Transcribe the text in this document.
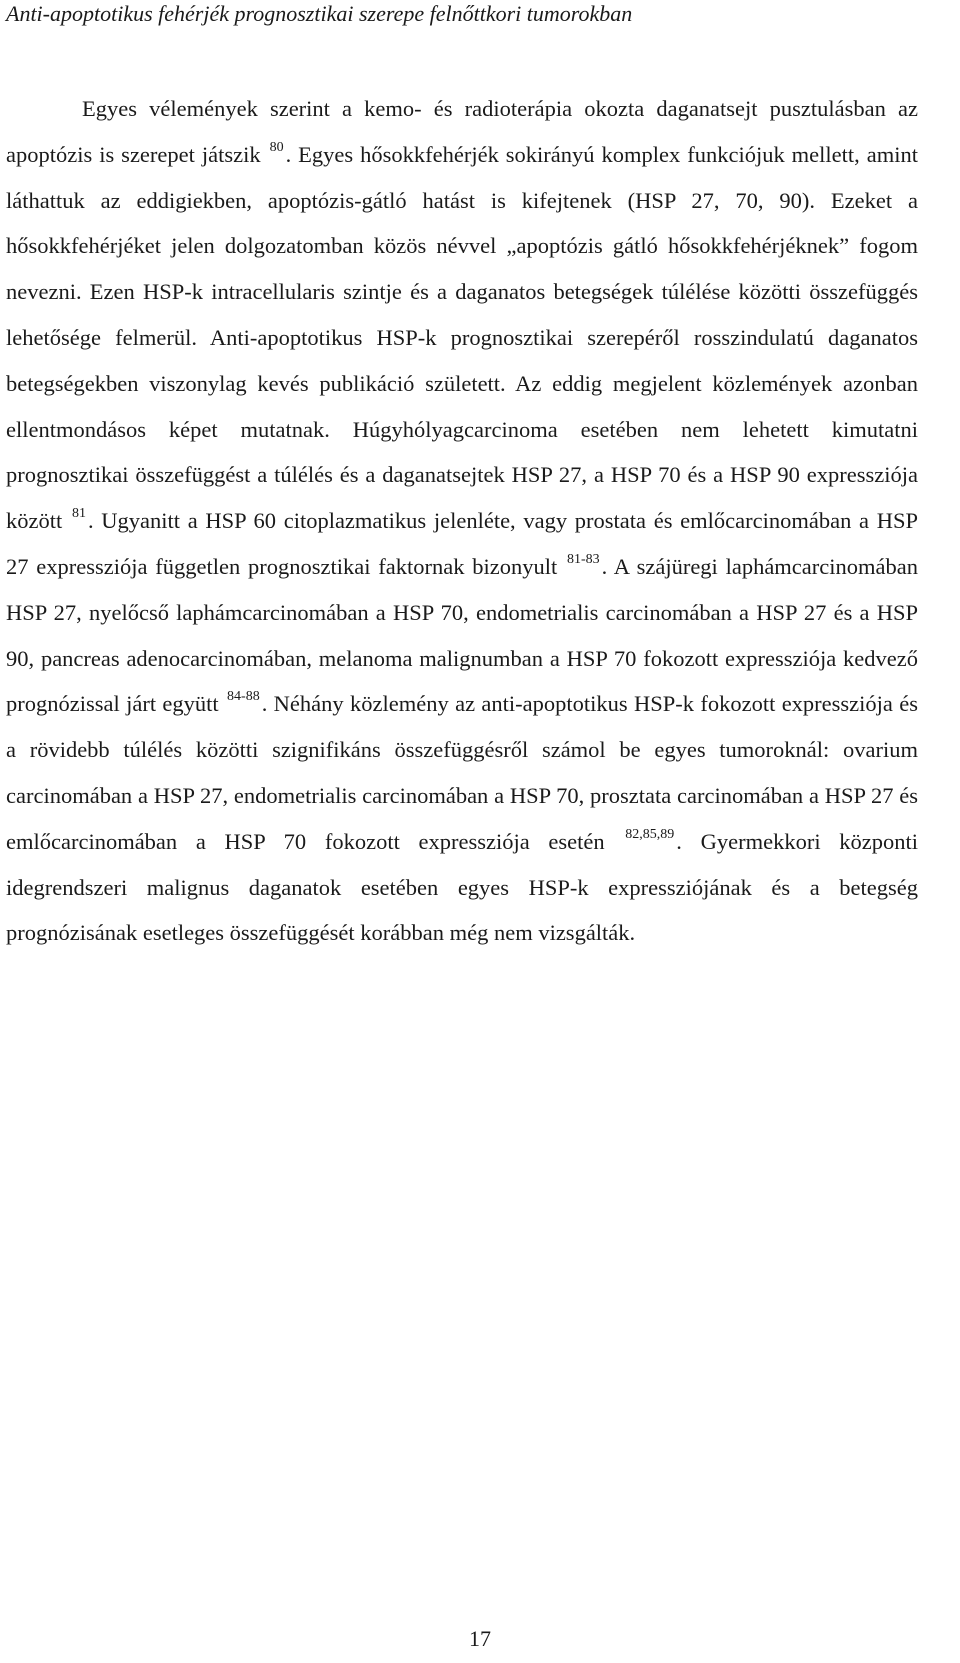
Anti-apoptotikus fehérjék prognosztikai szerepe felnőttkori tumorokban

Egyes vélemények szerint a kemo- és radioterápia okozta daganatsejt pusztulásban az apoptózis is szerepet játszik $^{80}$. Egyes hősokkfehérjék sokirányú komplex funkciójuk mellett, amint láthattuk az eddigiekben, apoptózis-gátló hatást is kifejtenek (HSP 27, 70, 90). Ezeket a hősokkfehérjéket jelen dolgozatomban közös névvel „apoptózis gátló hősokkfehérjéknek” fogom nevezni. Ezen HSP-k intracellularis szintje és a daganatos betegségek túlélése közötti összefüggés lehetősége felmerül. Anti-apoptotikus HSP-k prognosztikai szerepéről rosszindulatú daganatos betegségekben viszonylag kevés publikáció született. Az eddig megjelent közlemények azonban ellentmondásos képet mutatnak. Húgyhólyagcarcinoma esetében nem lehetett kimutatni prognosztikai összefüggést a túlélés és a daganatsejtek HSP 27, a HSP 70 és a HSP 90 expressziója között $^{81}$. Ugyanitt a HSP 60 citoplazmatikus jelenléte, vagy prostata és emlőcarcinomában a HSP 27 expressziója független prognosztikai faktornak bizonyult $^{81-83}$. A szájüregi laphámcarcinomában HSP 27, nyelőcső laphámcarcinomában a HSP 70, endometrialis carcinomában a HSP 27 és a HSP 90, pancreas adenocarcinomában, melanoma malignumban a HSP 70 fokozott expressziója kedvező prognózissal járt együtt $^{84-88}$. Néhány közlemény az anti-apoptotikus HSP-k fokozott expressziója és a rövidebb túlélés közötti szignifikáns összefüggésről számol be egyes tumoroknál: ovarium carcinomában a HSP 27, endometrialis carcinomában a HSP 70, prosztata carcinomában a HSP 27 és emlőcarcinomában a HSP 70 fokozott expressziója esetén $^{82,85,89}$. Gyermekkori központi idegrendszeri malignus daganatok esetében egyes HSP-k expressziójának és a betegség prognózisának esetleges összefüggését korábban még nem vizsgálták.

17
